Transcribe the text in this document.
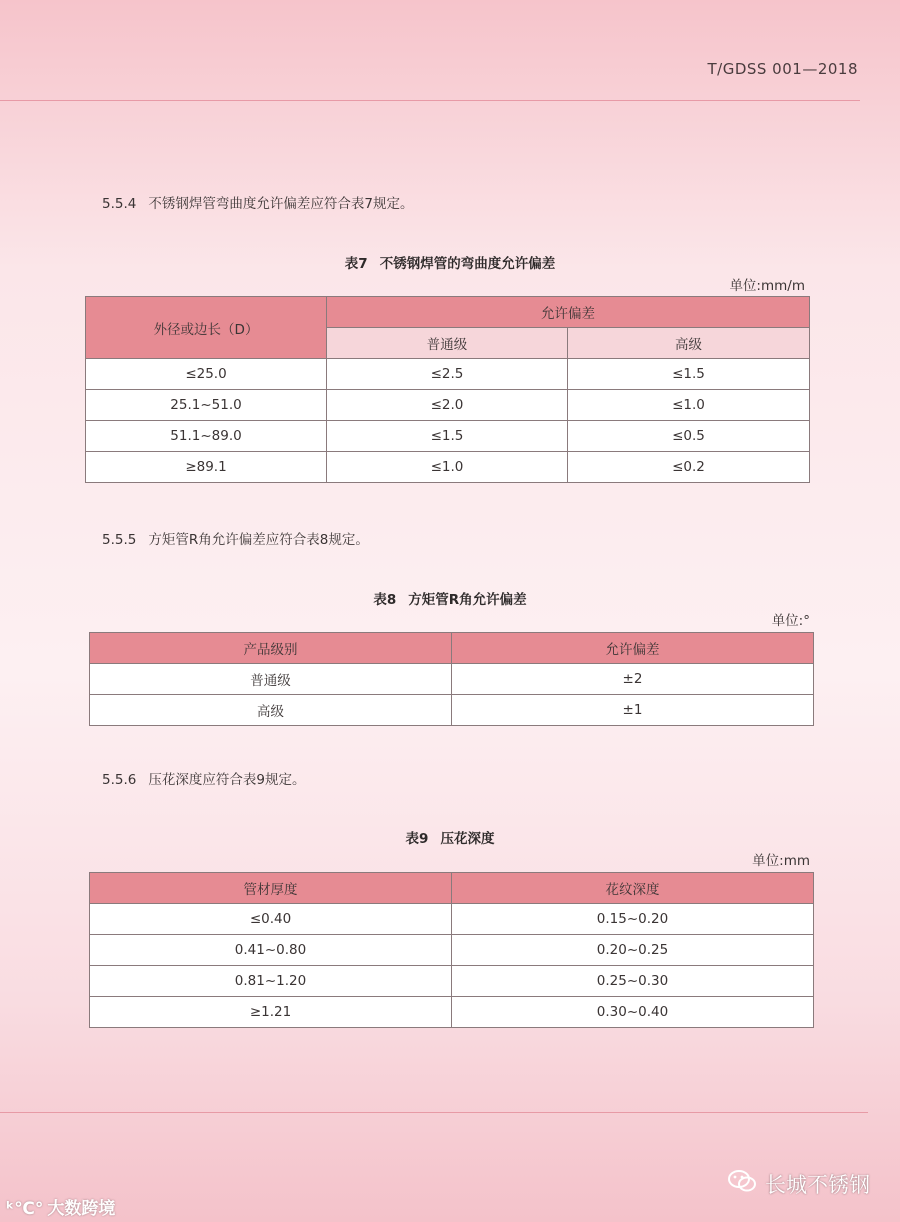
T/GDSS 001—2018
5.5.4 不锈钢焊管弯曲度允许偏差应符合表7规定。
表7 不锈钢焊管的弯曲度允许偏差
单位:mm/m
外径或边长（D）	允许偏差	
	普通级	高级
≤25.0	≤2.5	≤1.5
25.1~51.0	≤2.0	≤1.0
51.1~89.0	≤1.5	≤0.5
≥89.1	≤1.0	≤0.2
5.5.5 方矩管R角允许偏差应符合表8规定。
表8 方矩管R角允许偏差
单位:°
产品级别	允许偏差
普通级	±2
高级	±1
5.5.6 压花深度应符合表9规定。
表9 压花深度
单位:mm
管材厚度	花纹深度
≤0.40	0.15~0.20
0.41~0.80	0.20~0.25
0.81~1.20	0.25~0.30
≥1.21	0.30~0.40
ᵏ℃° 大数跨境
长城不锈钢
